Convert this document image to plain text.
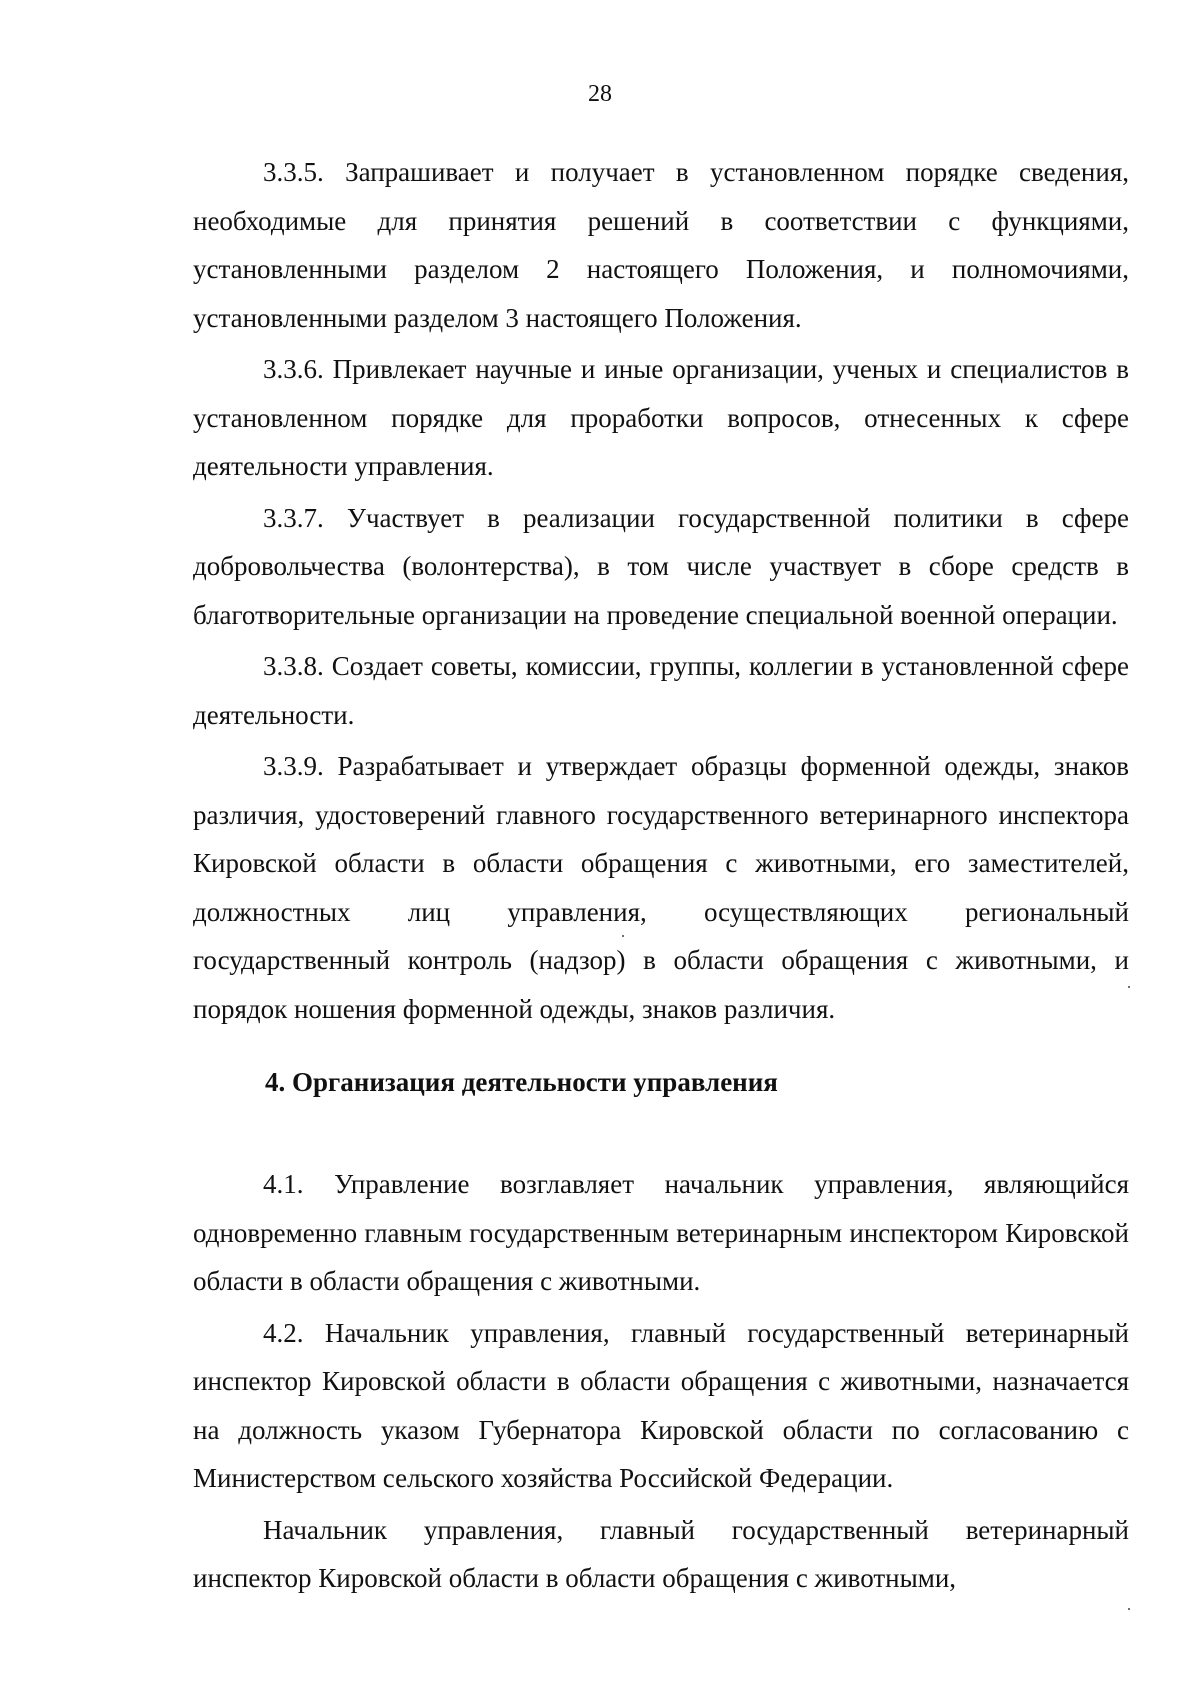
28

3.3.5. Запрашивает и получает в установленном порядке сведения, необходимые для принятия решений в соответствии с функциями, установленными разделом 2 настоящего Положения, и полномочиями, установленными разделом 3 настоящего Положения.

3.3.6. Привлекает научные и иные организации, ученых и специалистов в установленном порядке для проработки вопросов, отнесенных к сфере деятельности управления.

3.3.7. Участвует в реализации государственной политики в сфере добровольчества (волонтерства), в том числе участвует в сборе средств в благотворительные организации на проведение специальной военной операции.

3.3.8. Создает советы, комиссии, группы, коллегии в установленной сфере деятельности.

3.3.9. Разрабатывает и утверждает образцы форменной одежды, знаков различия, удостоверений главного государственного ветеринарного инспектора Кировской области в области обращения с животными, его заместителей, должностных лиц управления, осуществляющих региональный государственный контроль (надзор) в области обращения с животными, и порядок ношения форменной одежды, знаков различия.

4. Организация деятельности управления

4.1. Управление возглавляет начальник управления, являющийся одновременно главным государственным ветеринарным инспектором Кировской области в области обращения с животными.

4.2. Начальник управления, главный государственный ветеринарный инспектор Кировской области в области обращения с животными, назначается на должность указом Губернатора Кировской области по согласованию с Министерством сельского хозяйства Российской Федерации.

Начальник управления, главный государственный ветеринарный инспектор Кировской области в области обращения с животными,
